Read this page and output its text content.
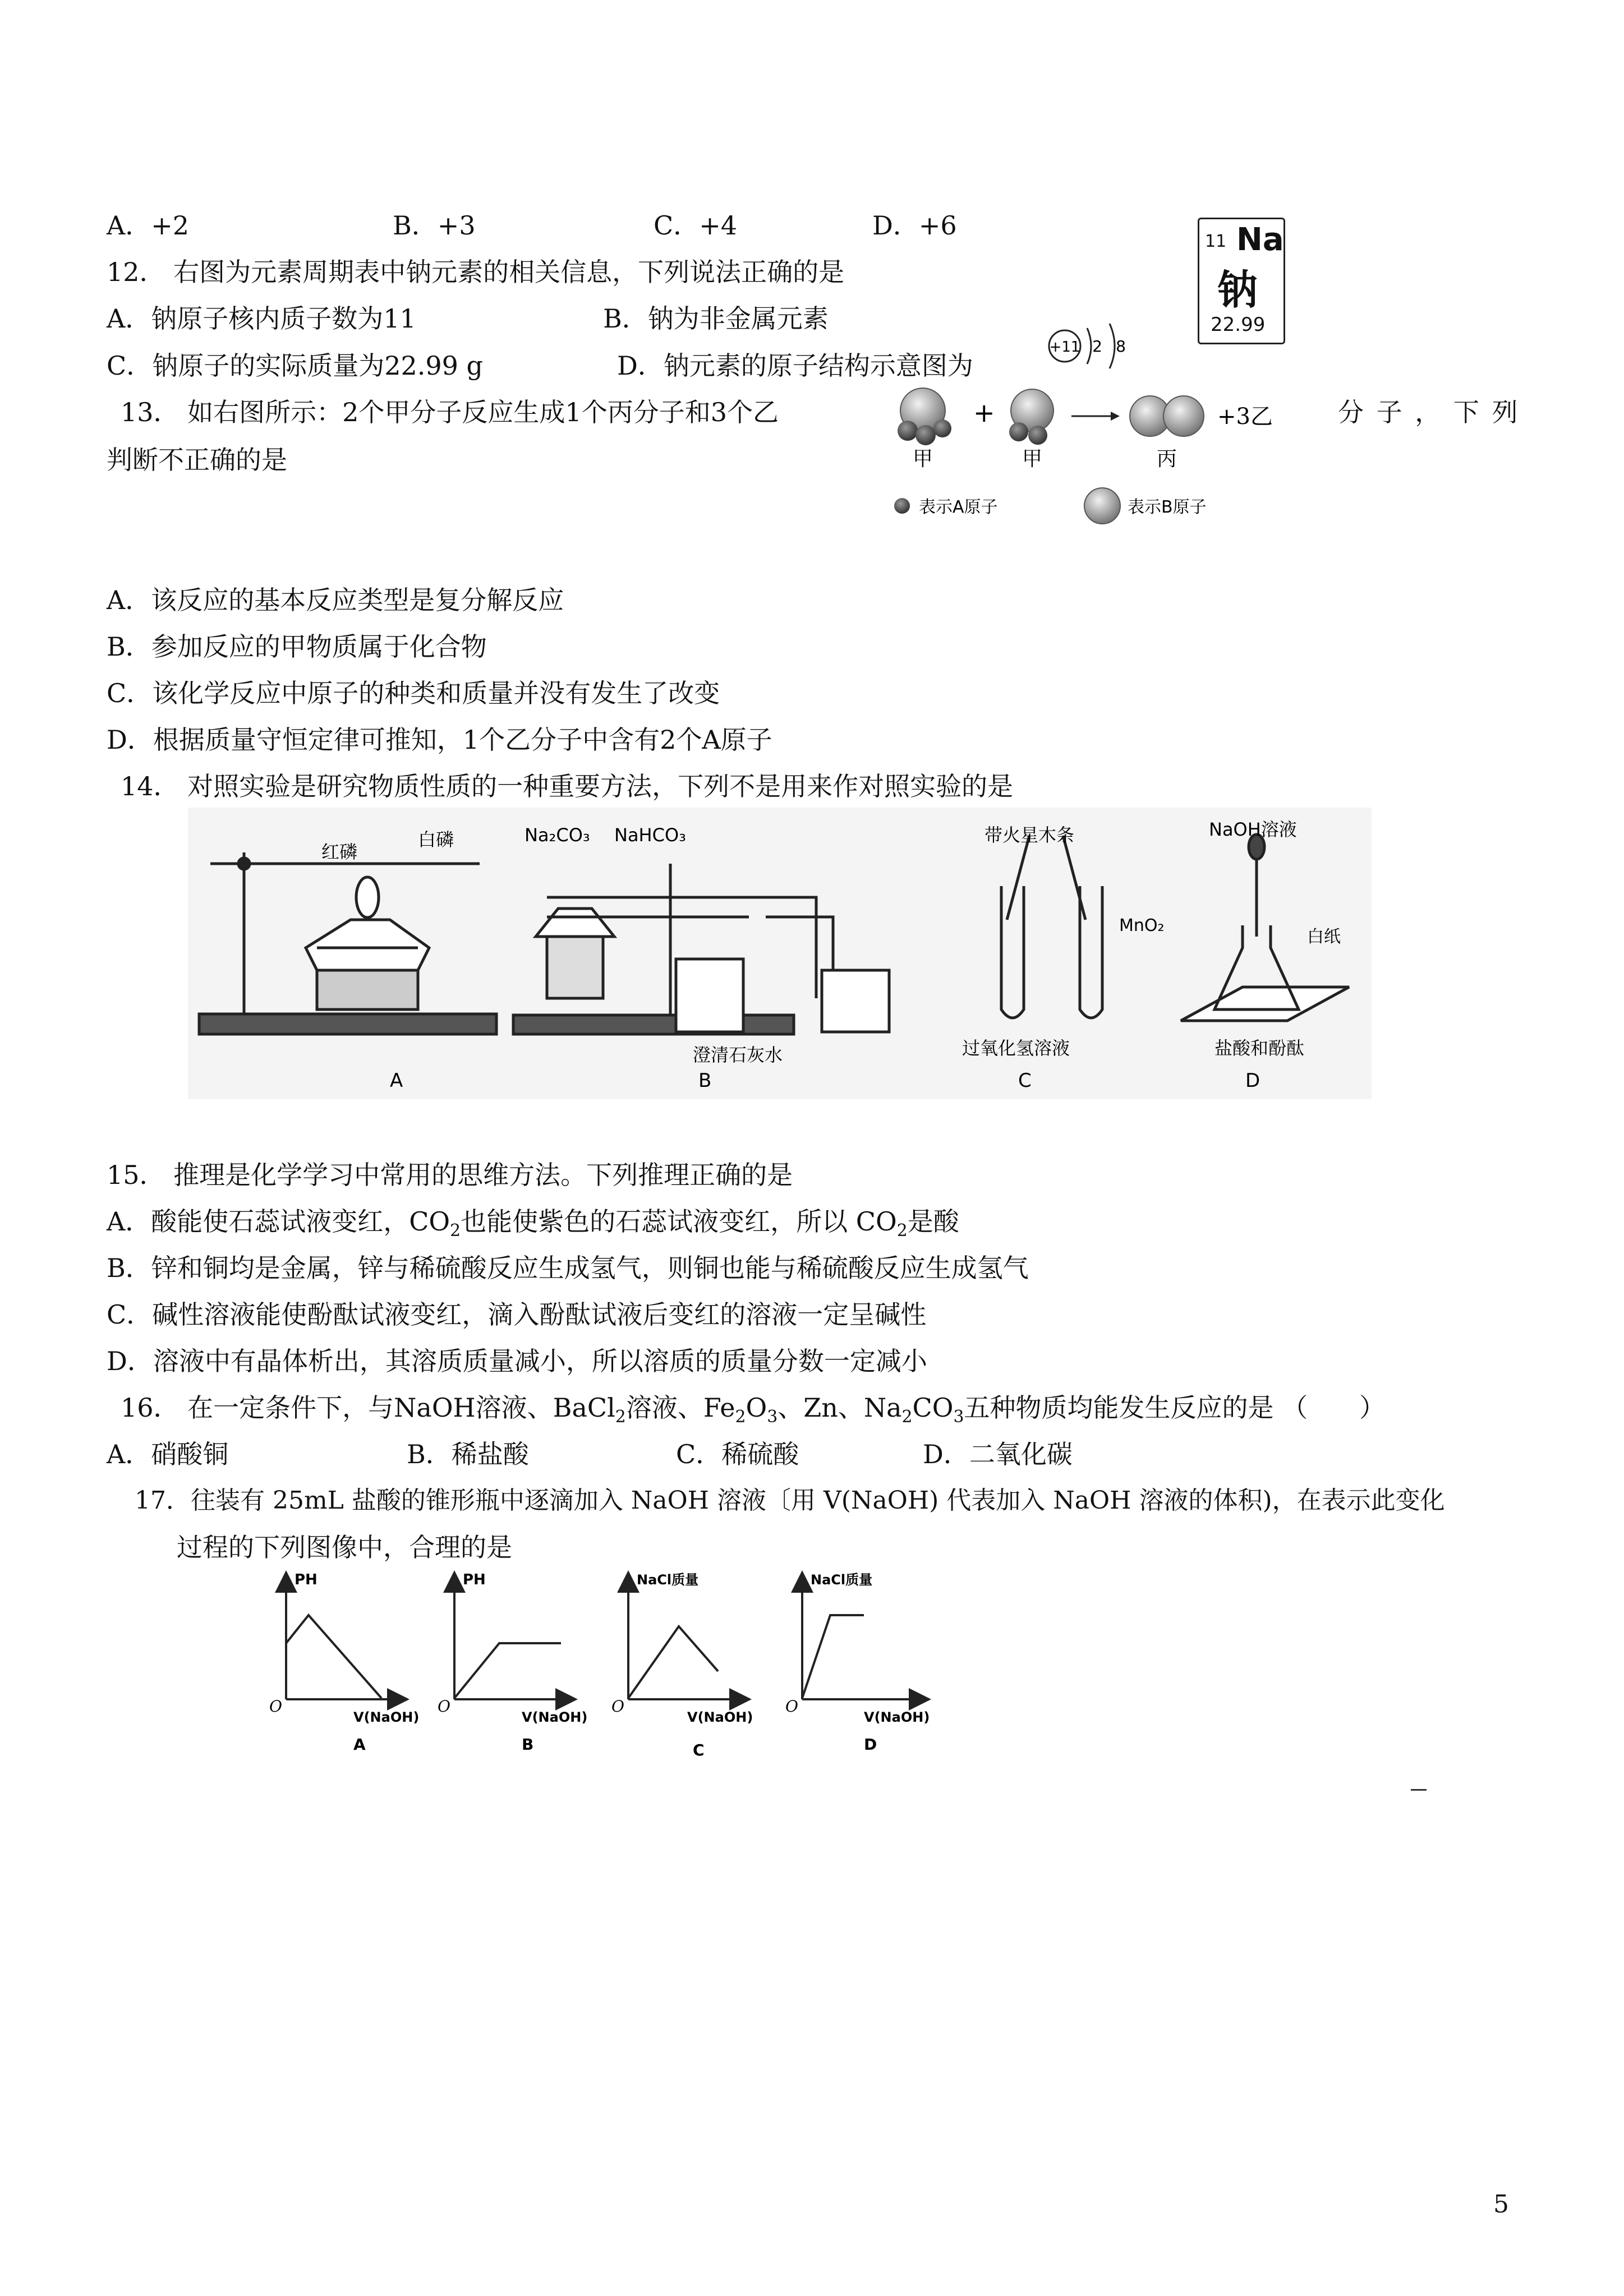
A．+2	B．+3	C．+4	D．+6
11 Na
钠
22.99
12． 右图为元素周期表中钠元素的相关信息，下列说法正确的是
A．钠原子核内质子数为11	B．钠为非金属元素
C．钠原子的实际质量为22.99 g	D．钠元素的原子结构示意图为
+11 2 8
13． 如右图所示：2个甲分子反应生成1个丙分子和3个乙	分 子 ， 下 列
判断不正确的是
+	+3乙
甲	甲	丙
表示A原子	表示B原子
A．该反应的基本反应类型是复分解反应
B．参加反应的甲物质属于化合物
C．该化学反应中原子的种类和质量并没有发生了改变
D．根据质量守恒定律可推知，1个乙分子中含有2个A原子
14． 对照实验是研究物质性质的一种重要方法，下列不是用来作对照实验的是
红磷
白磷
A
Na₂CO₃ NaHCO₃
澄清石灰水
B
带火星木条
MnO₂
过氧化氢溶液
C
NaOH溶液
白纸
盐酸和酚酞
D
15． 推理是化学学习中常用的思维方法。下列推理正确的是
A．酸能使石蕊试液变红，$CO_2$也能使紫色的石蕊试液变红，所以 $CO_2$是酸
B．锌和铜均是金属，锌与稀硫酸反应生成氢气，则铜也能与稀硫酸反应生成氢气
C．碱性溶液能使酚酞试液变红，滴入酚酞试液后变红的溶液一定呈碱性
D．溶液中有晶体析出，其溶质质量减小，所以溶质的质量分数一定减小
16． 在一定条件下，与NaOH溶液、BaCl$_2$溶液、$Fe_2O_3$、Zn、$Na_2CO_3$五种物质均能发生反应的是 （　　）
A．硝酸铜	B．稀盐酸	C．稀硫酸	D．二氧化碳
17．往装有 25mL 盐酸的锥形瓶中逐滴加入 NaOH 溶液〔用 V(NaOH) 代表加入 NaOH 溶液的体积)，在表示此变化
过程的下列图像中，合理的是
PH
O
V(NaOH)
A
PH
O
V(NaOH)
B
NaCl质量
O
V(NaOH)
C
NaCl质量
O
V(NaOH)
D
5
